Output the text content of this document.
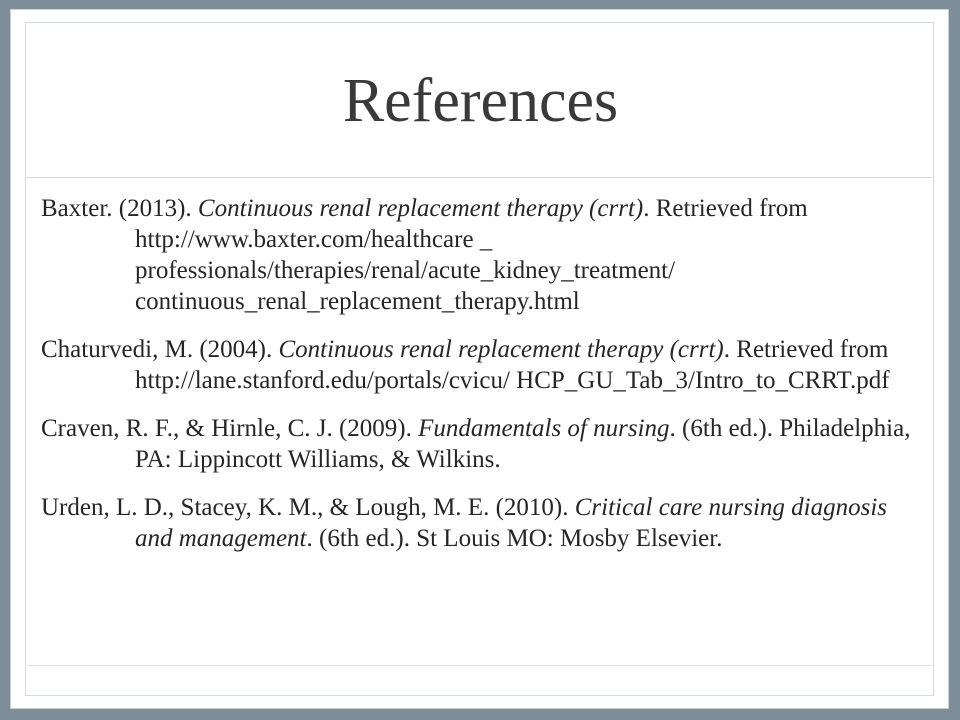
References
Baxter. (2013). Continuous renal replacement therapy (crrt). Retrieved from http://www.baxter.com/healthcare _ professionals/therapies/renal/acute_kidney_treatment/ continuous_renal_replacement_therapy.html
Chaturvedi, M. (2004). Continuous renal replacement therapy (crrt). Retrieved from http://lane.stanford.edu/portals/cvicu/ HCP_GU_Tab_3/Intro_to_CRRT.pdf
Craven, R. F., & Hirnle, C. J. (2009). Fundamentals of nursing. (6th ed.). Philadelphia, PA: Lippincott Williams, & Wilkins.
Urden, L. D., Stacey, K. M., & Lough, M. E. (2010). Critical care nursing diagnosis and management. (6th ed.). St Louis MO: Mosby Elsevier.
